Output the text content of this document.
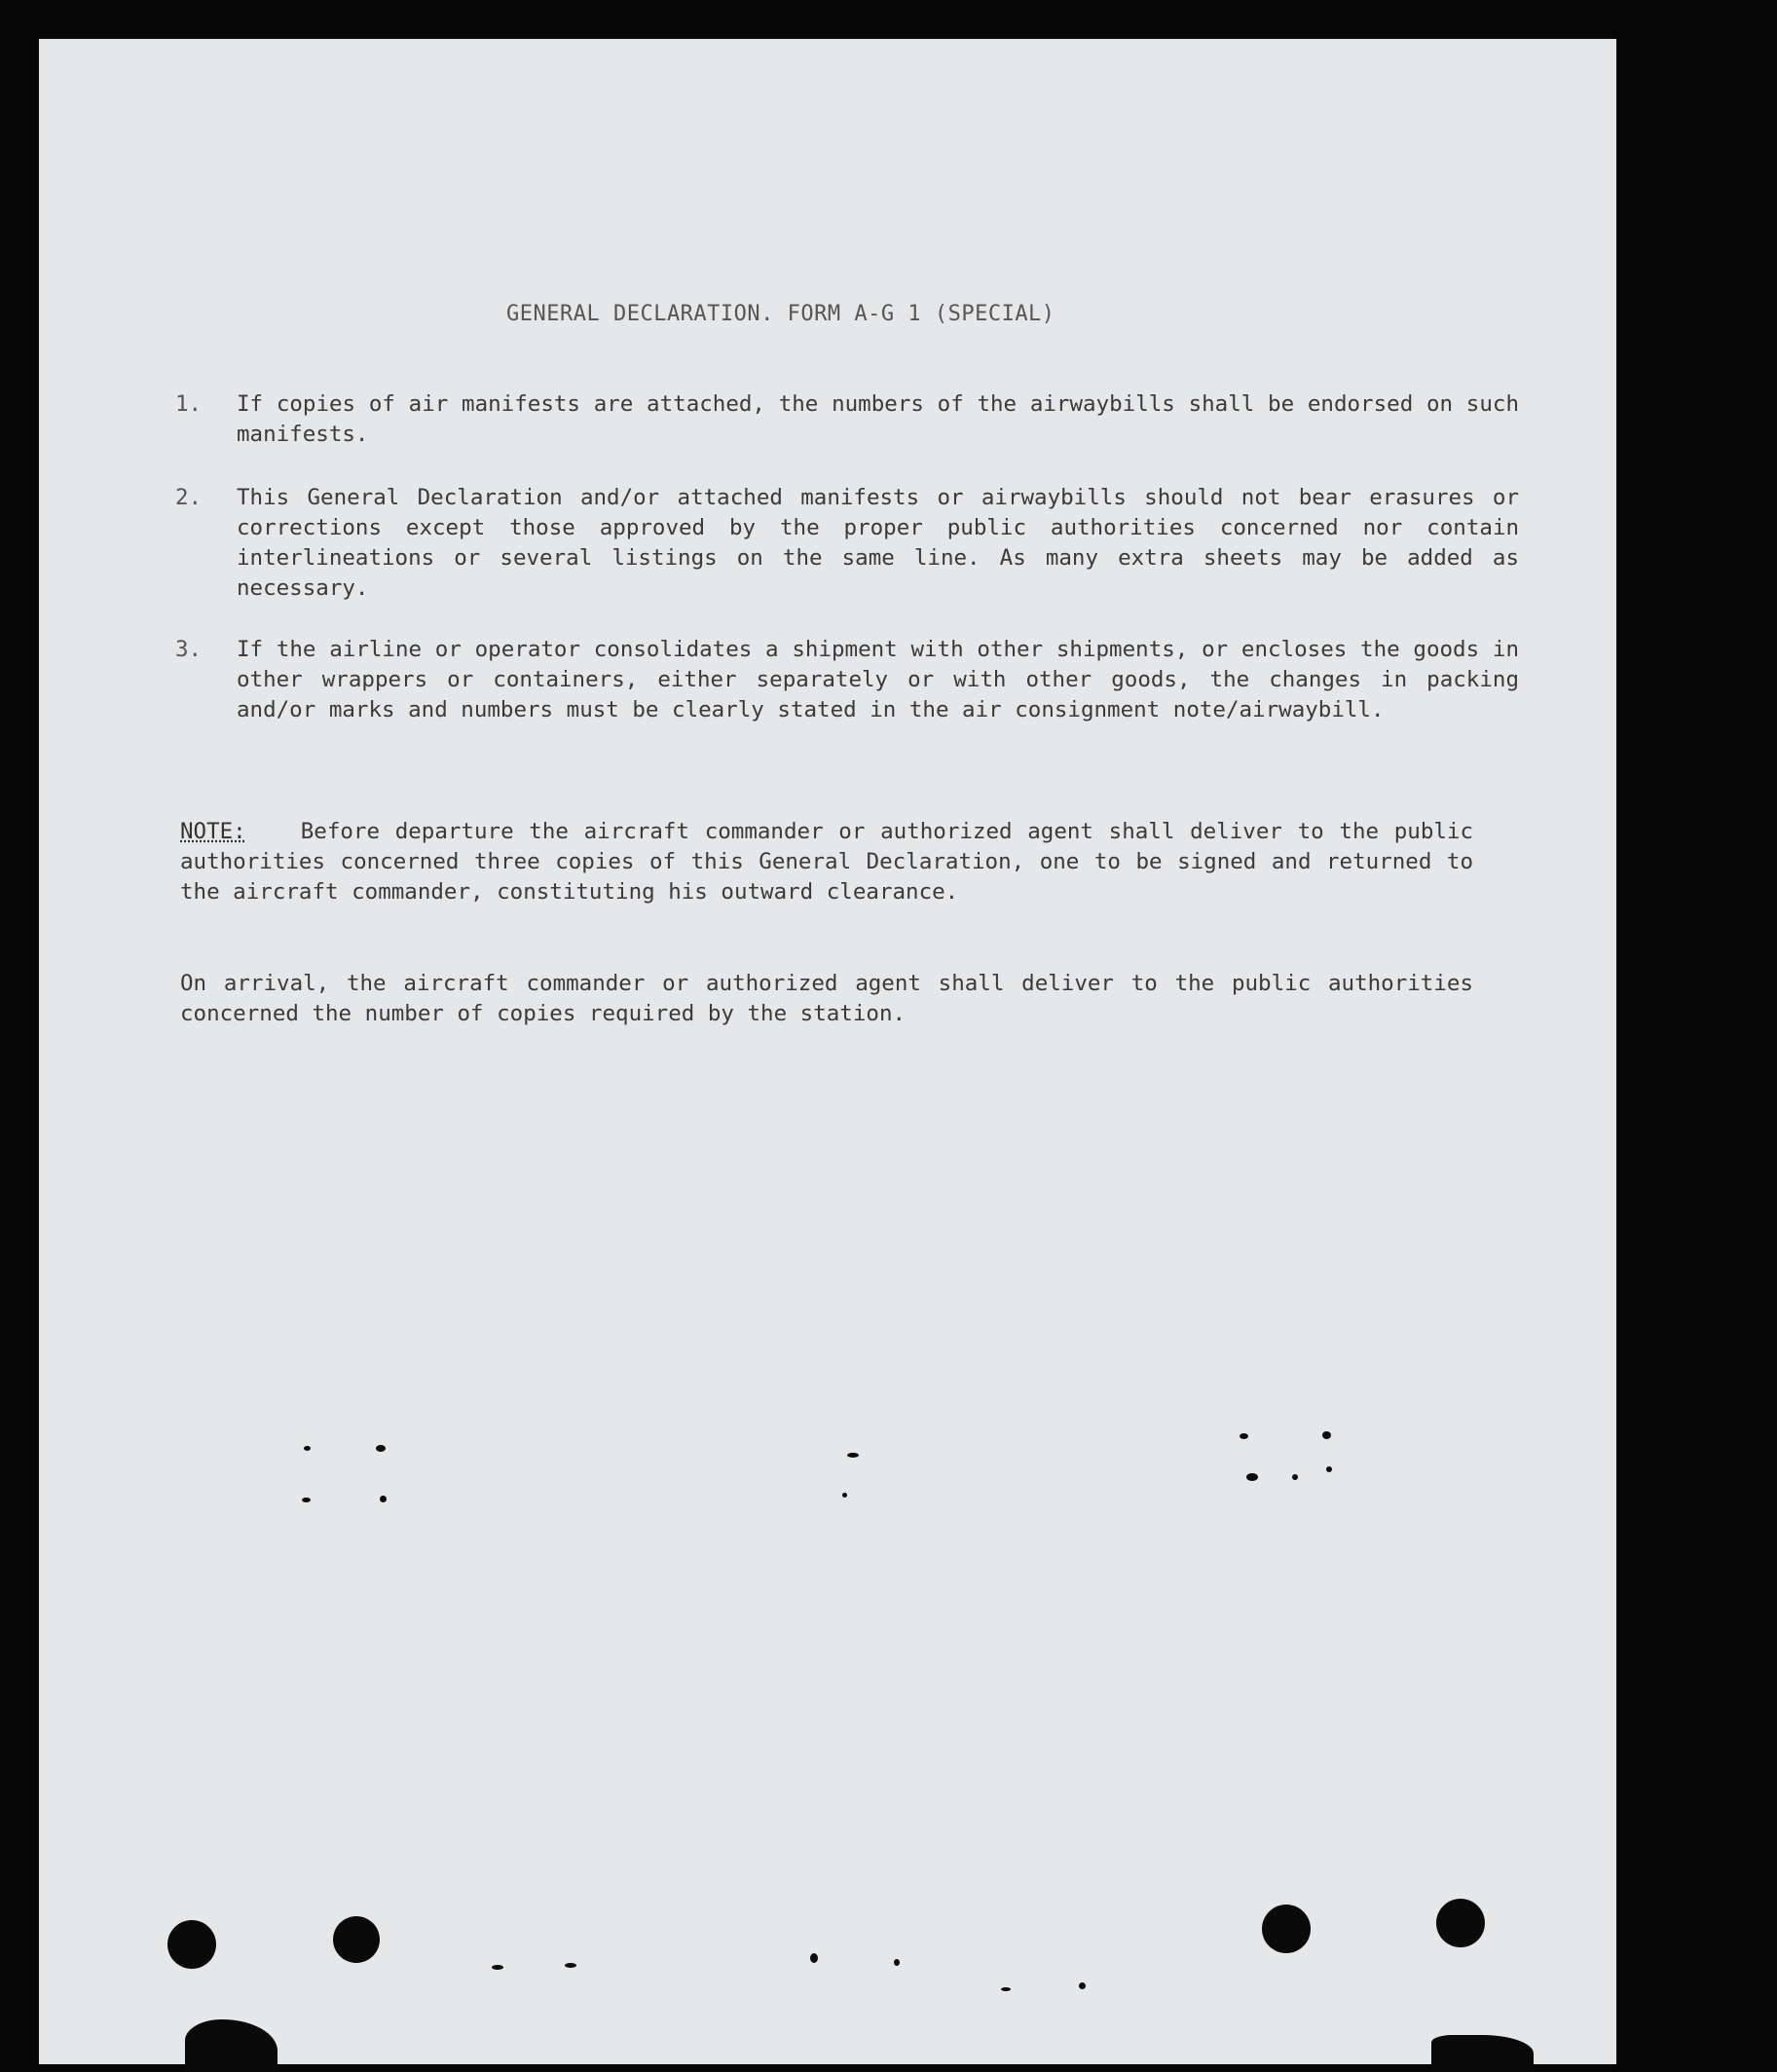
GENERAL DECLARATION. FORM A-G 1 (SPECIAL)
1.	If copies of air manifests are attached, the numbers of the airwaybills shall be endorsed on such manifests.
2.	This General Declaration and/or attached manifests or airwaybills should not bear erasures or corrections except those approved by the proper public authorities concerned nor contain interlineations or several listings on the same line. As many extra sheets may be added as necessary.
3.	If the airline or operator consolidates a shipment with other shipments, or encloses the goods in other wrappers or containers, either separately or with other goods, the changes in packing and/or marks and numbers must be clearly stated in the air consignment note/airwaybill.
NOTE: Before departure the aircraft commander or authorized agent shall deliver to the public authorities concerned three copies of this General Declaration, one to be signed and returned to the aircraft commander, constituting his outward clearance.
On arrival, the aircraft commander or authorized agent shall deliver to the public authorities concerned the number of copies required by the station.
